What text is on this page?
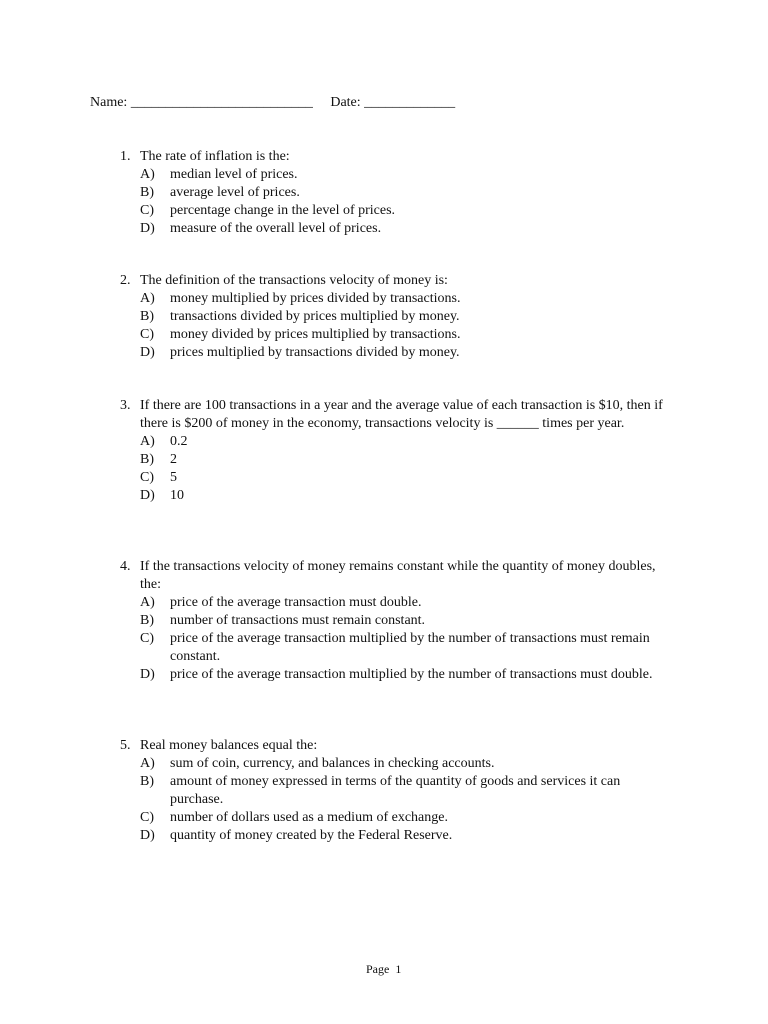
Name: __________________________ Date: _____________
1. The rate of inflation is the:
A) median level of prices.
B) average level of prices.
C) percentage change in the level of prices.
D) measure of the overall level of prices.
2. The definition of the transactions velocity of money is:
A) money multiplied by prices divided by transactions.
B) transactions divided by prices multiplied by money.
C) money divided by prices multiplied by transactions.
D) prices multiplied by transactions divided by money.
3. If there are 100 transactions in a year and the average value of each transaction is $10, then if there is $200 of money in the economy, transactions velocity is ______ times per year.
A) 0.2
B) 2
C) 5
D) 10
4. If the transactions velocity of money remains constant while the quantity of money doubles, the:
A) price of the average transaction must double.
B) number of transactions must remain constant.
C) price of the average transaction multiplied by the number of transactions must remain constant.
D) price of the average transaction multiplied by the number of transactions must double.
5. Real money balances equal the:
A) sum of coin, currency, and balances in checking accounts.
B) amount of money expressed in terms of the quantity of goods and services it can purchase.
C) number of dollars used as a medium of exchange.
D) quantity of money created by the Federal Reserve.
Page 1
